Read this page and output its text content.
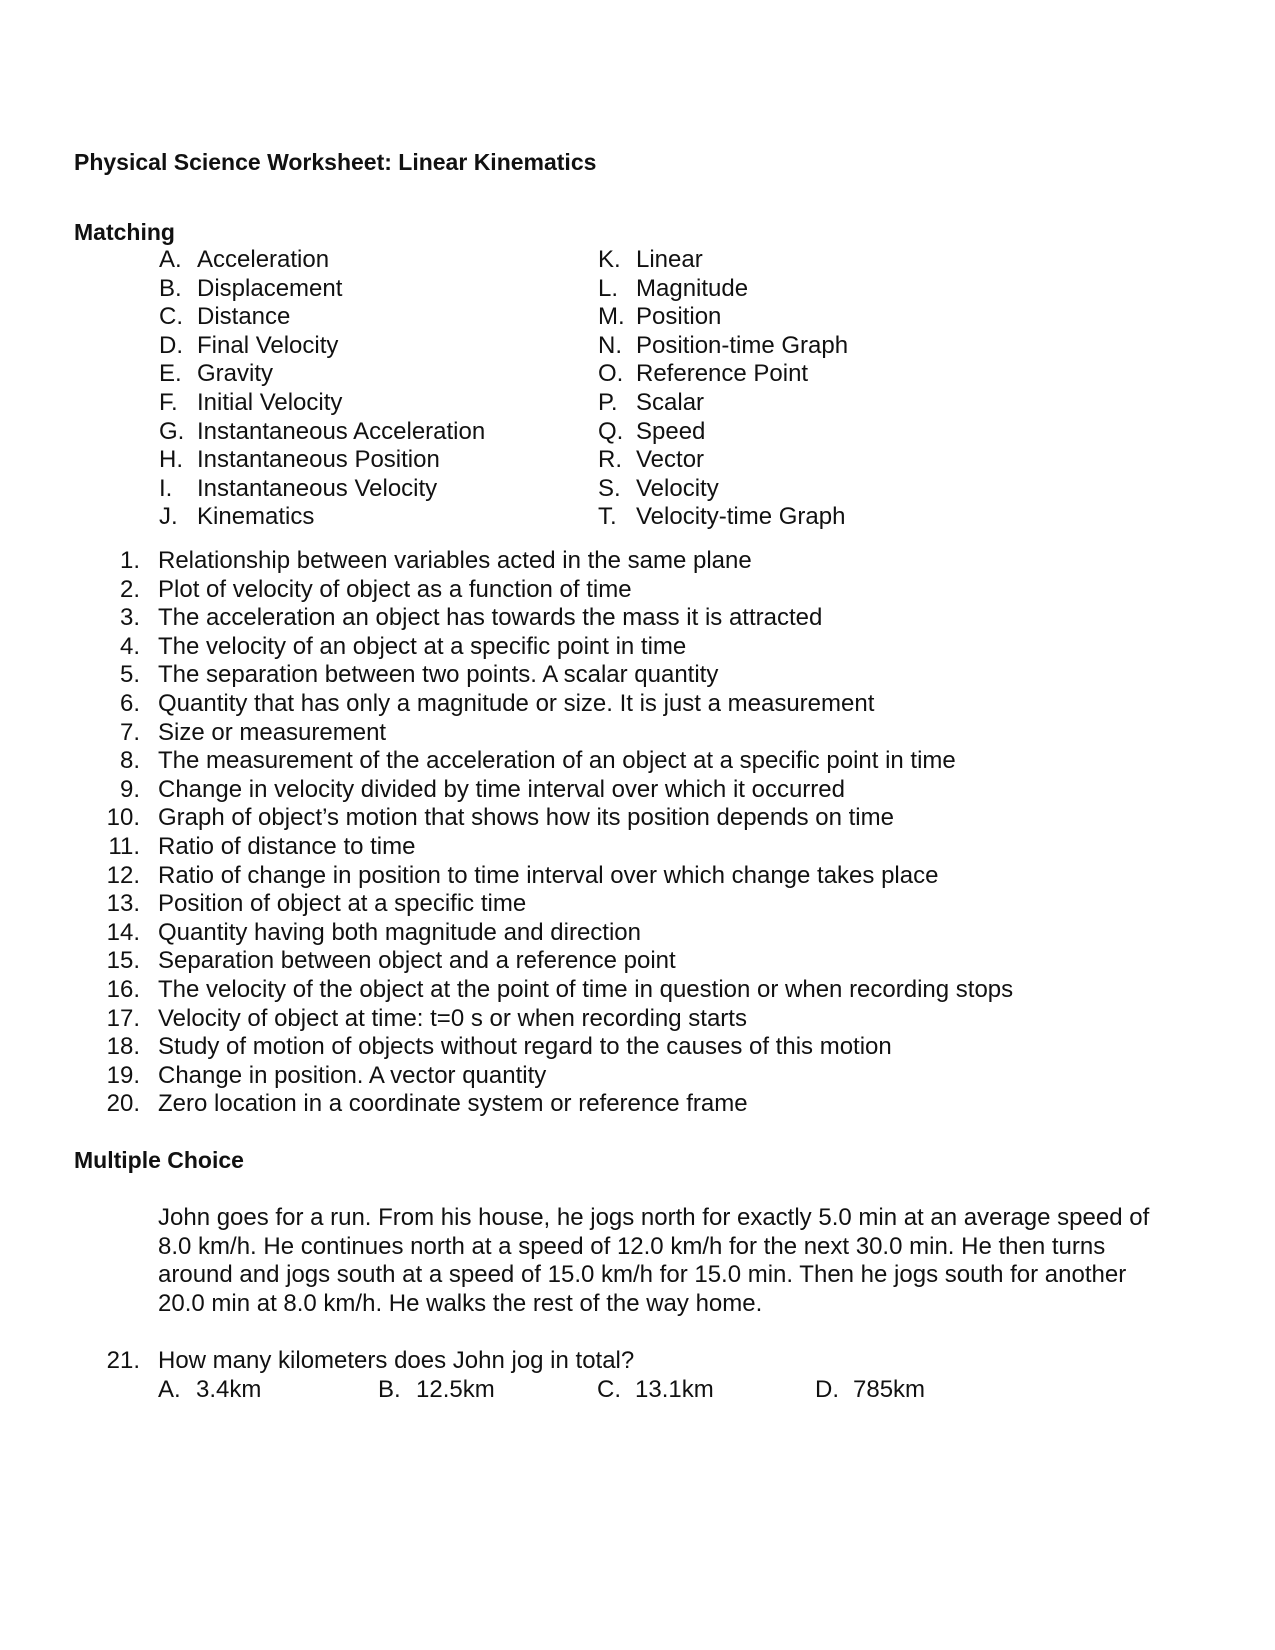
Physical Science Worksheet: Linear Kinematics
Matching
A. Acceleration
B. Displacement
C. Distance
D. Final Velocity
E. Gravity
F. Initial Velocity
G. Instantaneous Acceleration
H. Instantaneous Position
I.	Instantaneous Velocity
J. Kinematics
K. Linear
L. Magnitude
M. Position
N. Position-time Graph
O. Reference Point
P. Scalar
Q. Speed
R. Vector
S. Velocity
T. Velocity-time Graph
1. Relationship between variables acted in the same plane
2. Plot of velocity of object as a function of time
3. The acceleration an object has towards the mass it is attracted
4. The velocity of an object at a specific point in time
5. The separation between two points. A scalar quantity
6. Quantity that has only a magnitude or size. It is just a measurement
7. Size or measurement
8. The measurement of the acceleration of an object at a specific point in time
9. Change in velocity divided by time interval over which it occurred
10. Graph of object’s motion that shows how its position depends on time
11. Ratio of distance to time
12. Ratio of change in position to time interval over which change takes place
13. Position of object at a specific time
14. Quantity having both magnitude and direction
15. Separation between object and a reference point
16. The velocity of the object at the point of time in question or when recording stops
17. Velocity of object at time: t=0 s or when recording starts
18. Study of motion of objects without regard to the causes of this motion
19. Change in position. A vector quantity
20. Zero location in a coordinate system or reference frame
Multiple Choice
John goes for a run. From his house, he jogs north for exactly 5.0 min at an average speed of
8.0 km/h. He continues north at a speed of 12.0 km/h for the next 30.0 min. He then turns
around and jogs south at a speed of 15.0 km/h for 15.0 min. Then he jogs south for another
20.0 min at 8.0 km/h. He walks the rest of the way home.
21. How many kilometers does John jog in total?
A. 3.4km	B. 12.5km	C. 13.1km	D. 785km
